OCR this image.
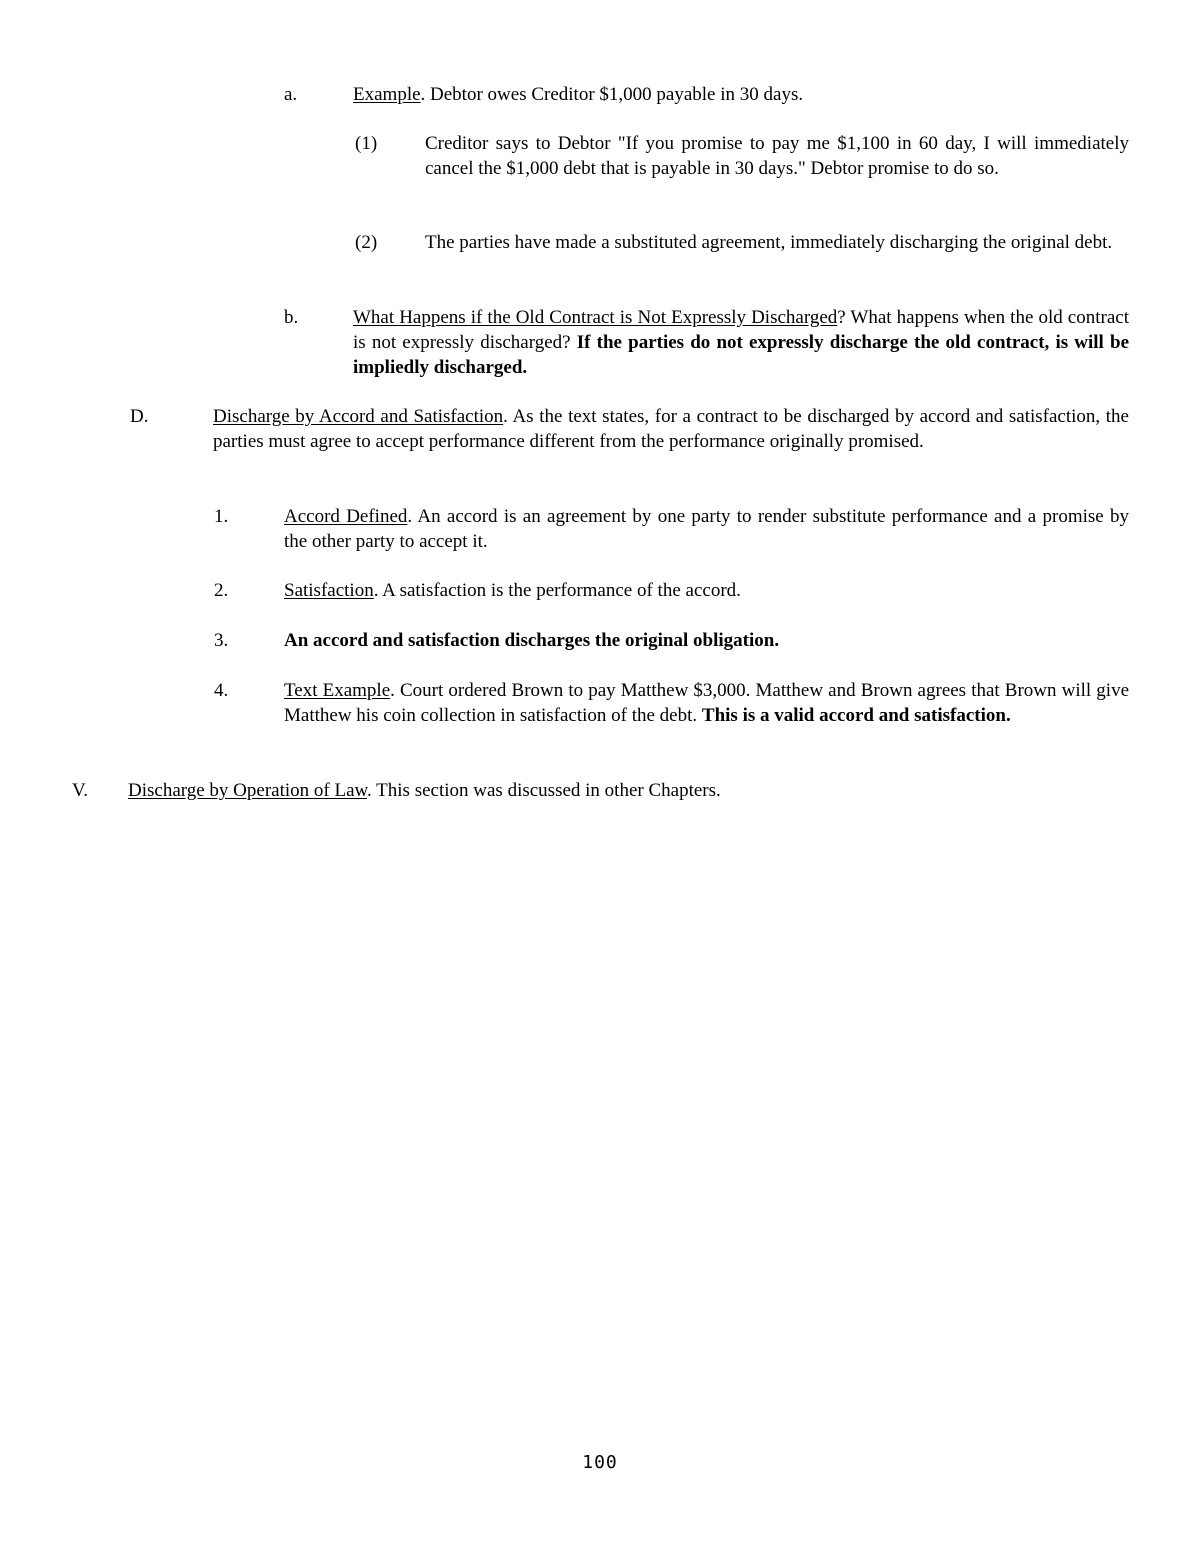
a.	Example. Debtor owes Creditor $1,000 payable in 30 days.
(1)	Creditor says to Debtor "If you promise to pay me $1,100 in 60 day, I will immediately cancel the $1,000 debt that is payable in 30 days." Debtor promise to do so.
(2)	The parties have made a substituted agreement, immediately discharging the original debt.
b.	What Happens if the Old Contract is Not Expressly Discharged? What happens when the old contract is not expressly discharged? If the parties do not expressly discharge the old contract, is will be impliedly discharged.
D.	Discharge by Accord and Satisfaction. As the text states, for a contract to be discharged by accord and satisfaction, the parties must agree to accept performance different from the performance originally promised.
1.	Accord Defined. An accord is an agreement by one party to render substitute performance and a promise by the other party to accept it.
2.	Satisfaction. A satisfaction is the performance of the accord.
3.	An accord and satisfaction discharges the original obligation.
4.	Text Example. Court ordered Brown to pay Matthew $3,000. Matthew and Brown agrees that Brown will give Matthew his coin collection in satisfaction of the debt. This is a valid accord and satisfaction.
V.	Discharge by Operation of Law. This section was discussed in other Chapters.
100
